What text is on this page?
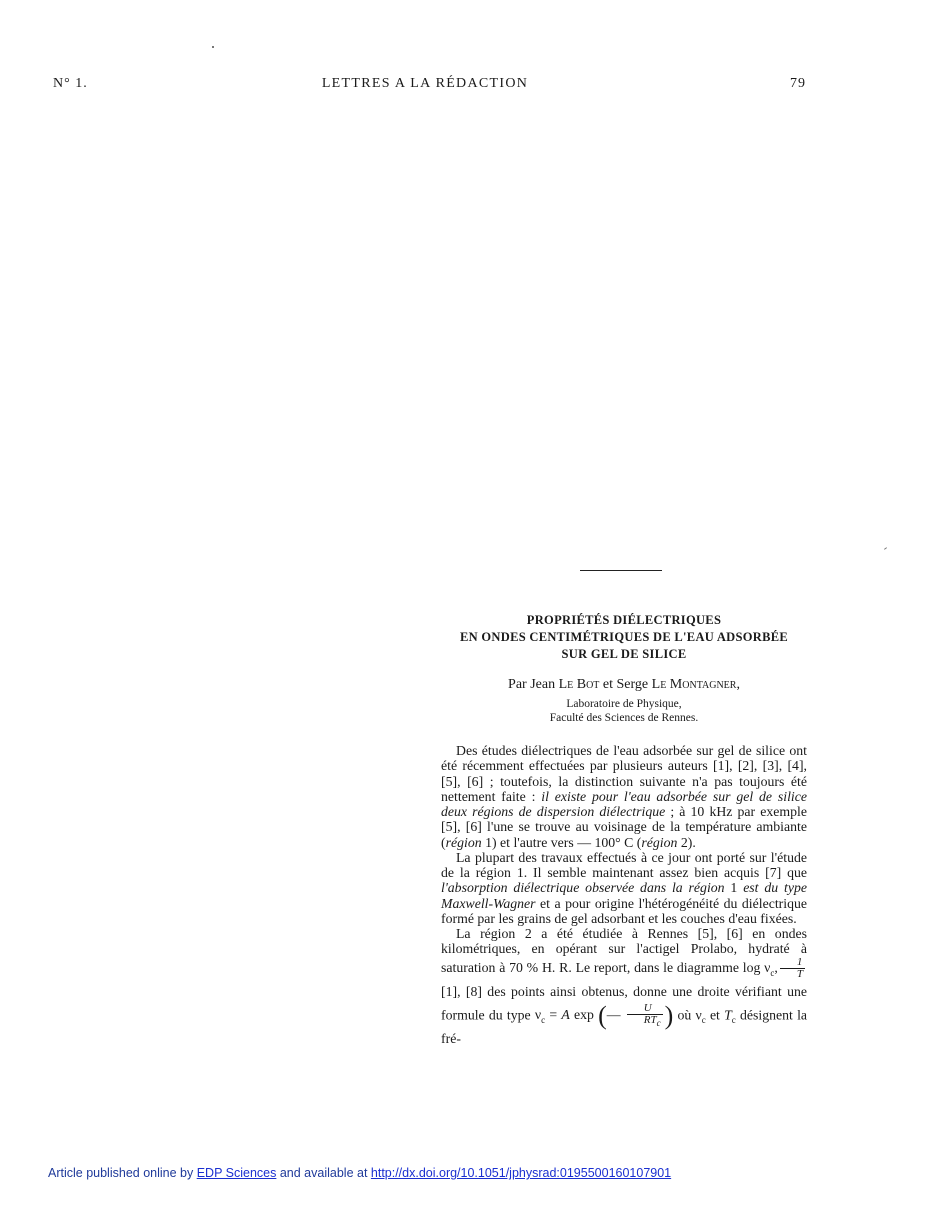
N° 1.	LETTRES A LA RÉDACTION	79
PROPRIÉTÉS DIÉLECTRIQUES
EN ONDES CENTIMÉTRIQUES DE L'EAU ADSORBÉE
SUR GEL DE SILICE
Par Jean Le Bot et Serge Le Montagner,
Laboratoire de Physique,
Faculté des Sciences de Rennes.

Des études diélectriques de l'eau adsorbée sur gel de silice ont été récemment effectuées par plusieurs auteurs [1], [2], [3], [4], [5], [6] ; toutefois, la distinction suivante n'a pas toujours été nettement faite : il existe pour l'eau adsorbée sur gel de silice deux régions de dispersion diélectrique ; à 10 kHz par exemple [5], [6] l'une se trouve au voisinage de la température ambiante (région 1) et l'autre vers — 100° C (région 2).

La plupart des travaux effectués à ce jour ont porté sur l'étude de la région 1. Il semble maintenant assez bien acquis [7] que l'absorption diélectrique observée dans la région 1 est du type Maxwell-Wagner et a pour origine l'hétérogénéité du diélectrique formé par les grains de gel adsorbant et les couches d'eau fixées.

La région 2 a été étudiée à Rennes [5], [6] en ondes kilométriques, en opérant sur l'actigel Prolabo, hydraté à saturation à 70 % H. R. Le report, dans le diagramme $\log \nu_c$, $\frac{1}{T}$
[1], [8] des points ainsi obtenus, donne une droite vérifiant une formule du type $\nu_c = A$ exp (— $\frac{U}{RT_c}$ ) où $\nu_c$ et $T_c$ désignent la fré-

Article published online by EDP Sciences and available at http://dx.doi.org/10.1051/jphysrad:0195500160107901
